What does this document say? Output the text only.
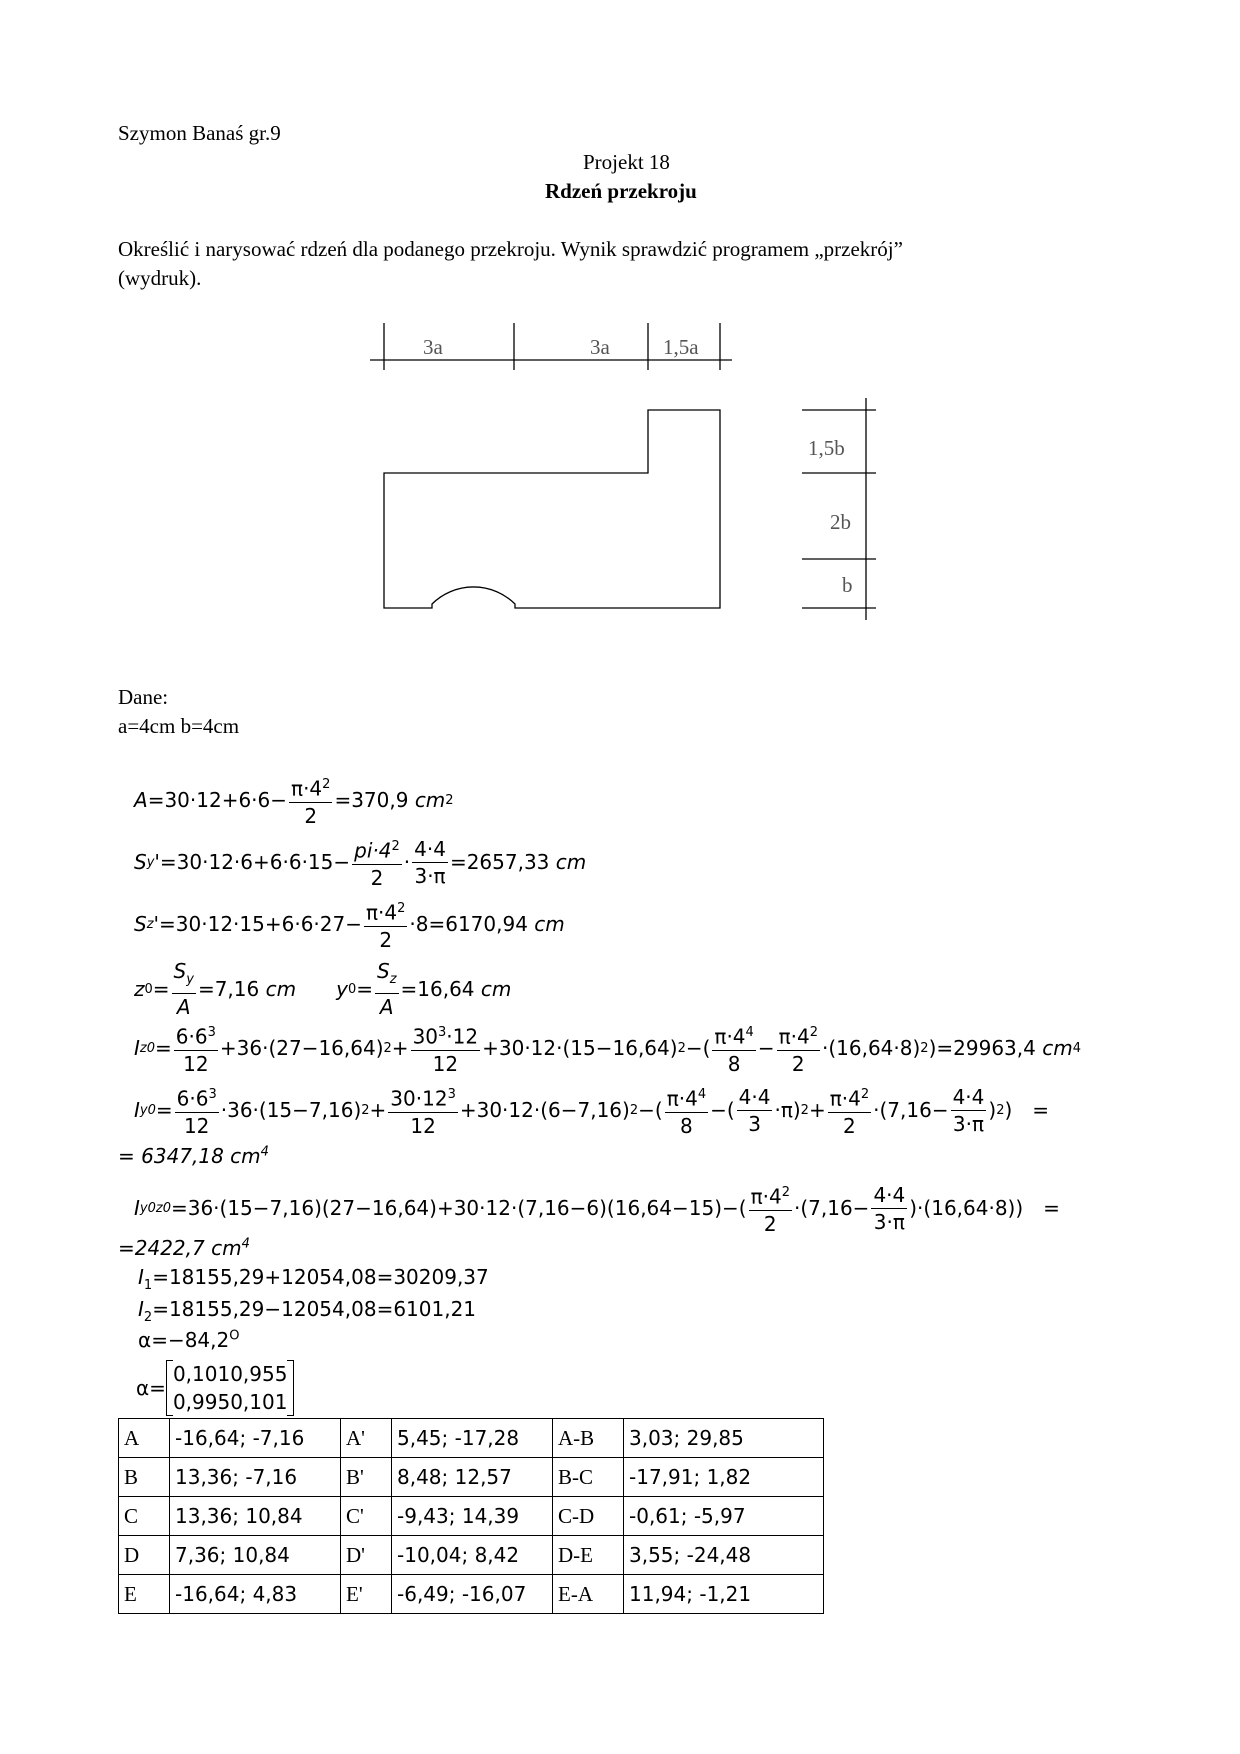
Szymon Banaś gr.9
Projekt 18
Rdzeń przekroju
Określić i narysować rdzeń dla podanego przekroju. Wynik sprawdzić programem „przekrój”
(wydruk).
3a	3a	1,5a
1,5b
2b
b
Dane:
a=4cm b=4cm
$A =30\cdot 12+6\cdot 6- \frac{\pi\cdot 4^2}{2} =370,9$
cm 2
S y '$=30\cdot 12\cdot 6+6\cdot 6\cdot 15- \frac{pi\cdot 4^2}{2} \cdot \frac{4\cdot 4}{3\cdot\pi} =2657,33$
cm
S z '$=30\cdot 12\cdot 15+6\cdot 6\cdot 27- \frac{\pi\cdot 4^2}{2} \cdot 8=6170,94$
cm
z $0 = \frac{S_y}{A} =7,16$
cm y $0 = \frac{S_z}{A} =16,64$
cm
I $z0 = \frac{6\cdot 6^3}{12} +36\cdot(27-16,64) 2 + \frac{30^3\cdot 12}{12} +30\cdot 12\cdot(15-16,64)$ 2 −( $\frac{\pi\cdot 4^4}{8} - \frac{\pi\cdot 4^2}{2} \cdot(16,64\cdot 8)$ 2 )=29963,4
cm 4
I $y0 = \frac{6\cdot 6^3}{12} \cdot 36\cdot(15-7,16) 2 + \frac{30\cdot 12^3}{12} +30\cdot 12\cdot(6-7,16)$ 2 −( $\frac{\pi\cdot 4^4}{8}$ −( $\frac{4\cdot 4}{3} \cdot\pi$) $2 + \frac{\pi\cdot 4^2}{2} \cdot(7,16- \frac{4\cdot 4}{3\cdot\pi}$ ) 2 ) =
= 6347,18 $cm^4$
I $y0z0 =36\cdot(15-7,16)(27-16,64)+30\cdot 12\cdot(7,16-6)(16,64-15)-( \frac{\pi\cdot 4^2}{2} \cdot(7,16- \frac{4\cdot 4}{3\cdot\pi} )\cdot(16,64\cdot 8))$ =
=2422,7 $cm^4$
$I_1=18155,29+12054,08=30209,37$
$I_2=18155,29-12054,08=6101,21$
$\alpha=-84,2^O$
α=
0,1010,955
0,9950,101
A	-16,64; -7,16	A'	5,45; -17,28	A-B	3,03; 29,85
B	13,36; -7,16	B'	8,48; 12,57	B-C	-17,91; 1,82
C	13,36; 10,84	C'	-9,43; 14,39	C-D	-0,61; -5,97
D	7,36; 10,84	D'	-10,04; 8,42	D-E	3,55; -24,48
E	-16,64; 4,83	E'	-6,49; -16,07	E-A	11,94; -1,21
